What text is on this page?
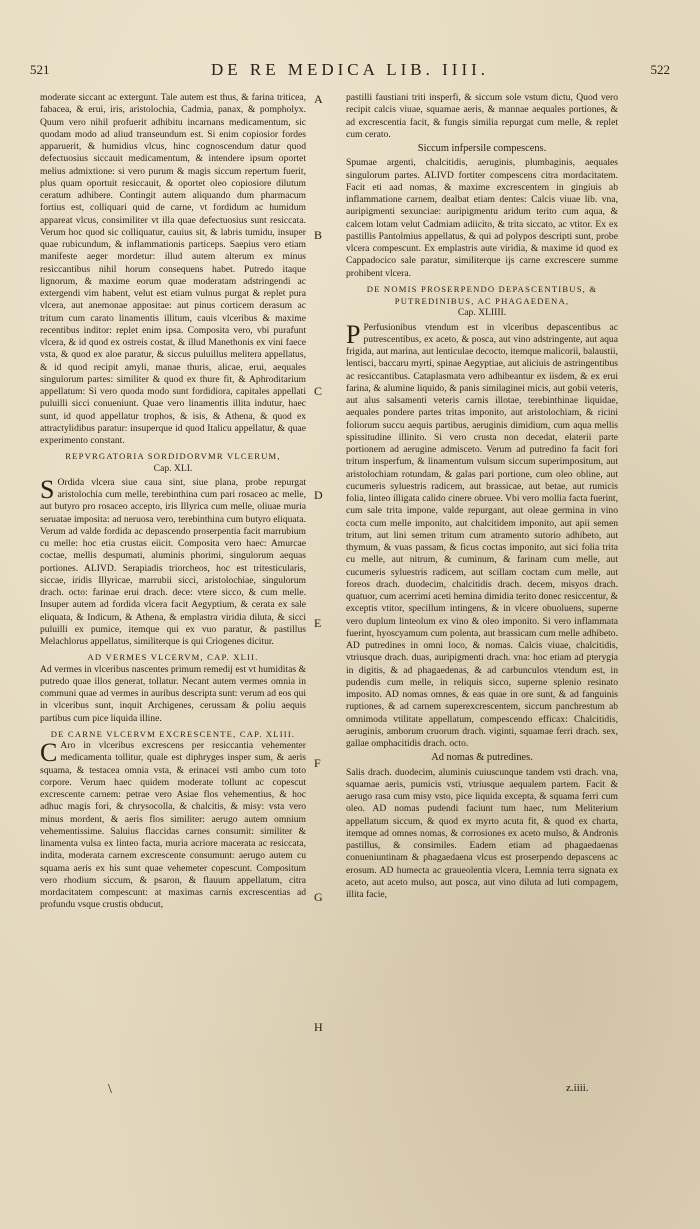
521	DE RE MEDICA LIB. IIII.	522

moderate siccant ac extergunt. Tale autem est thus, & farina triticea, fabacea, & erui, iris, aristolochia, Cadmia, panax, & pompholyx. Quum vero nihil profuerit adhibitu incarnans medicamentum, sic quodam modo ad aliud transeundum est. Si enim copiosior fordes apparuerit, & humidius vlcus, hinc cognoscendum datur quod defectuosius siccauit medicamentum, & intendere ipsum oportet melius admixtione: si vero purum & magis siccum repertum fuerit, plus quam oportuit resiccauit, & oportet oleo copiosiore dilutum ceratum adhibere. Contingit autem aliquando dum pharmacum fortius est, colliquari quid de carne, vt fordidum ac humidum appareat vlcus, consimiliter vt illa quae defectuosius sunt resiccata. Verum hoc quod sic colliquatur, cauius sit, & labris tumidu, insuper quae rubicundum, & inflammationis particeps. Saepius vero etiam manifeste aeger mordetur: illud autem alterum ex minus resiccantibus nihil horum consequens habet. Putredo itaque lignorum, & maxime eorum quae moderatam adstringendi ac extergendi vim habent, velut est etiam vulnus purgat & replet pura vlcera, aut anemonae appositae: aut pinus corticem derasum ac tritum cum carato linamentis illitum, cauis vlceribus & maxime recentibus inditor: replet enim ipsa. Composita vero, vbi purafunt vlcera, & id quod ex ostreis costat, & illud Manethonis ex vini faece vsta, & quod ex aloe paratur, & siccus puluillus melitera appellatus, & id quod recipit amyli, manae thuris, alicae, erui, aequales singulorum partes: similiter & quod ex thure fit, & Aphroditarium appellatum: Si vero quoda modo sunt fordidiora, capitales appellati puluilli sicci conueniunt. Quae vero linamentis illita indutur, haec sunt, id quod appellatur trophos, & isis, & Athena, & quod ex attractylidibus paratur: insuperque id quod Italicu appellatur, & quae experimento constant.

REPVRGATORIA SORDIDORVMR VLCERUM,
Cap. XLI.

S Ordida vlcera siue caua sint, siue plana, probe repurgat aristolochia cum melle, terebinthina cum pari rosaceo ac melle, aut butyro pro rosaceo accepto, iris Illyrica cum melle, oliuae muria seruatae imposita: ad neruosa vero, terebinthina cum butyro eliquata. Verum ad valde fordida ac depascendo proserpentia facit marrubium cu melle: hoc etia crustas eiicit. Composita vero haec: Amurcae coctae, mellis despumati, aluminis phorimi, singulorum aequas portiones. ALIVD. Serapiadis triorcheos, hoc est tritesticularis, siccae, iridis Illyricae, marrubii sicci, aristolochiae, singulorum drach. octo: farinae erui drach. dece: vtere sicco, & cum melle. Insuper autem ad fordida vlcera facit Aegyptium, & cerata ex sale eliquata, & Indicum, & Athena, & emplastra viridia diluta, & sicci puluilli ex pumice, itemque qui ex vuo paratur, & pastillus Melachlorus appellatus, similiterque is qui Criogenes dicitur.

AD VERMES VLCERVM, CAP. XLII.

Ad vermes in vlceribus nascentes primum remedij est vt humiditas & putredo quae illos generat, tollatur. Necant autem vermes omnia in communi quae ad vermes in auribus descripta sunt: verum ad eos qui in vlceribus sunt, inquit Archigenes, cerussam & poliu aequis partibus cum pice liquida illine.

DE CARNE VLCERVM EXCRESCENTE, CAP. XLIII.

C Aro in vlceribus excrescens per resiccantia vehementer medicamenta tollitur, quale est diphryges insper sum, & aeris squama, & testacea omnia vsta, & erinacei vsti ambo cum toto corpore. Verum haec quidem moderate tollunt ac copescut excrescente carnem: petrae vero Asiae flos vehementius, & hoc adhuc magis fori, & chrysocolla, & chalcitis, & misy: vsta vero minus mordent, & aeris flos similiter: aerugo autem omnium vehementissime. Saluius flaccidas carnes consumit: similiter & linamenta vulsa ex linteo facta, muria acriore macerata ac resiccata, indita, moderata carnem excrescente consumunt: aerugo autem cu squama aeris ex his sunt quae vehemeter copescunt. Compositum vero rhodium siccum, & psaron, & flauum appellatum, citra mordacitatem compescunt: at maximas carnis excrescentias ad profundu vsque crustis obducut,

A
B
C
D
E
F
G
H

pastilli faustiani triti insperfi, & siccum sole vstum dictu, Quod vero recipit calcis viuae, squamae aeris, & mannae aequales portiones, & ad excrescentia facit, & fungis similia repurgat cum melle, & replet cum cerato.

Siccum infpersile compescens.

Spumae argenti, chalcitidis, aeruginis, plumbaginis, aequales singulorum partes. ALIVD fortiter compescens citra mordacitatem. Facit eti aad nomas, & maxime excrescentem in gingiuis ab inflammatione carnem, dealbat etiam dentes: Calcis viuae lib. vna, auripigmenti sexunciae: auripigmentu aridum terito cum aqua, & calcem lotam velut Cadmiam adiicito, & trita siccato, ac vtitor. Ex ex pastillis Pantolmius appellatus, & qui ad polypos descripti sunt, probe vlcera compescunt. Ex emplastris aute viridia, & maxime id quod ex Cappadocico sale paratur, similiterque ijs carne excrescere summe prohibent vlcera.

DE NOMIS PROSERPENDO DEPASCENTIBUS, & PUTREDINIBUS, AC PHAGAEDENA,
Cap. XLIIII.

P Perfusionibus vtendum est in vlceribus depascentibus ac putrescentibus, ex aceto, & posca, aut vino adstringente, aut aqua frigida, aut marina, aut lenticulae decocto, itemque malicorii, balaustii, lentisci, baccaru myrti, spinae Aegyptiae, aut aliciuis de astringentibus ac resiccantibus. Cataplasmata vero adhibeantur ex iisdem, & ex erui farina, & alumine liquido, & panis similaginei micis, aut gobii veteris, aut alus salsamenti veteris carnis illotae, terebinthinae liquidae, aequales pondere partes tritas imponito, aut aristolochiam, & ricini foliorum succu aequis partibus, aeruginis dimidium, cum aqua mellis spissitudine illinito. Si vero crusta non decedat, elaterii parte portionem ad aerugine admisceto. Verum ad putredino fa facit fori tritum insperfum, & linamentum vulsum siccum superimpositum, aut aristolochiam rotundam, & galas pari portione, cum oleo obline, aut cucumeris syluestris radicem, aut brassicae, aut betae, aut rumicis folia, linteo illigata calido cinere obruee. Vbi vero mollia facta fuerint, cum sale trita impone, valde repurgant, aut oleae germina in vino cocta cum melle imponito, aut chalcitidem imponito, aut apii semen tritum, aut lini semen tritum cum atramento sutorio adhibeto, aut thymum, & vuas passam, & ficus coctas imponito, aut sici folia trita cu melle, aut nitrum, & cuminum, & farinam cum melle, aut cucumeris syluestris radicem, aut scillam coctam cum melle, aut foreos drach. duodecim, chalcitidis drach. decem, misyos drach. quatuor, cum acerrimi aceti hemina dimidia terito donec resiccentur, & exceptis vtitor, specillum intingens, & in vlcere obuoluens, superne vero duplum linteolum ex vino & oleo imponito. Si vero inflammata fuerint, hyoscyamum cum polenta, aut brassicam cum melle adhibeto. AD putredines in omni loco, & nomas. Calcis viuae, chalcitidis, vtriusque drach. duas, auripigmenti drach. vna: hoc etiam ad pterygia in digitis, & ad phagaedenas, & ad carbunculos vtendum est, in pudendis cum melle, in reliquis sicco, superne splenio resinato imposito. AD nomas omnes, & eas quae in ore sunt, & ad fanguinis ruptiones, & ad carnem superexcrescentem, siccum panchrestum ab omnimoda vtilitate appellatum, compescendo efficax: Chalcitidis, aeruginis, amborum cruorum drach. viginti, squamae ferri drach. sex, gallae omphacitidis drach. octo.

Ad nomas & putredines.

Salis drach. duodecim, aluminis cuiuscunque tandem vsti drach. vna, squamae aeris, pumicis vsti, vtriusque aequalem partem. Facit & aerugo rasa cum misy vsto, pice liquida excepta, & squama ferri cum oleo. AD nomas pudendi faciunt tum haec, tum Meliterium appellatum siccum, & quod ex myrto acuta fit, & quod ex charta, itemque ad omnes nomas, & corrosiones ex aceto mulso, & Andronis pastillus, & consimiles. Eadem etiam ad phagaedaenas conueniuntinam & phagaedaena vlcus est proserpendo depascens ac erosum. AD humecta ac graueolentia vlcera, Lemnia terra signata ex aceto, aut aceto mulso, aut posca, aut vino diluta ad luti compagem, illita facie,

\	z.iiii.
